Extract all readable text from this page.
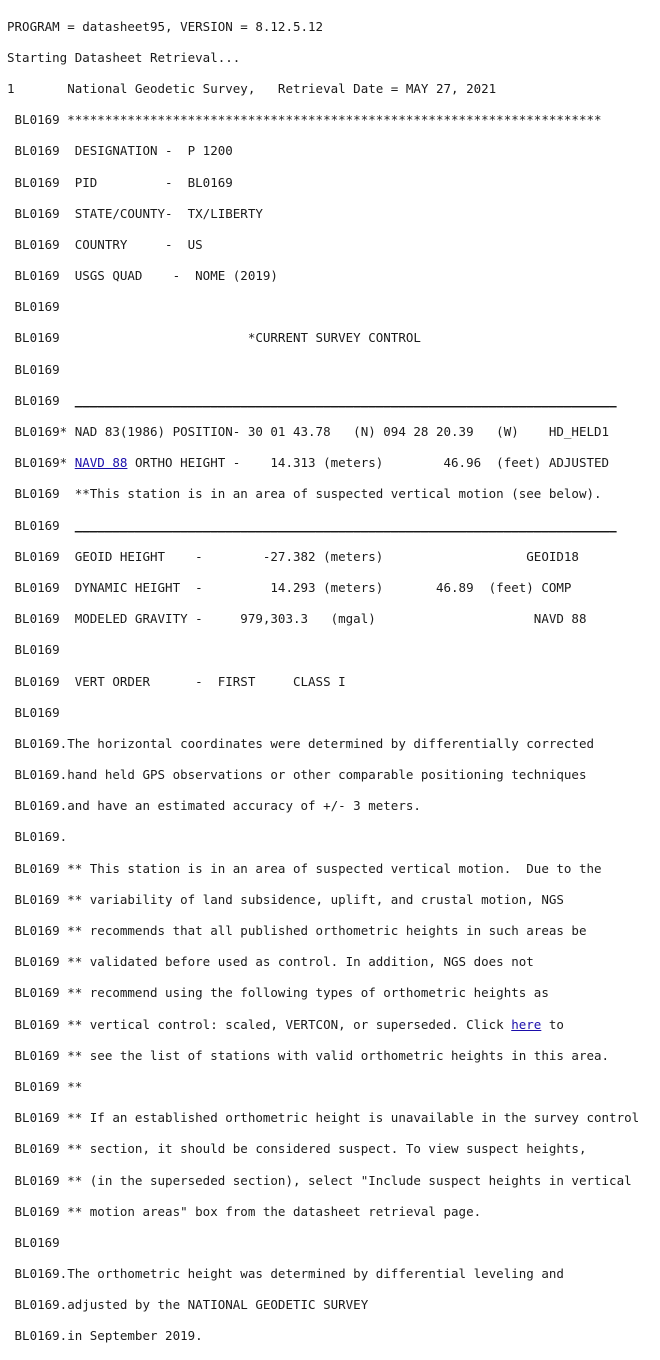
PROGRAM = datasheet95, VERSION = 8.12.5.12

Starting Datasheet Retrieval...

1       National Geodetic Survey,   Retrieval Date = MAY 27, 2021

BL0169 ***********************************************************************

BL0169  DESIGNATION -  P 1200

BL0169  PID         -  BL0169

BL0169  STATE/COUNTY-  TX/LIBERTY

BL0169  COUNTRY     -  US

BL0169  USGS QUAD    -  NOME (2019)

BL0169

BL0169                         *CURRENT SURVEY CONTROL

BL0169

BL0169 ________________________________________________________________________

BL0169* NAD 83(1986) POSITION- 30 01 43.78   (N) 094 28 20.39   (W)    HD_HELD1

BL0169* NAVD 88 ORTHO HEIGHT -    14.313 (meters)        46.96  (feet) ADJUSTED

BL0169  **This station is in an area of suspected vertical motion (see below).

BL0169 ________________________________________________________________________

BL0169  GEOID HEIGHT    -        -27.382 (meters)                   GEOID18

BL0169  DYNAMIC HEIGHT  -         14.293 (meters)       46.89  (feet) COMP

BL0169  MODELED GRAVITY -     979,303.3   (mgal)                     NAVD 88

BL0169

BL0169  VERT ORDER      -  FIRST     CLASS I

BL0169

BL0169.The horizontal coordinates were determined by differentially corrected

BL0169.hand held GPS observations or other comparable positioning techniques

BL0169.and have an estimated accuracy of +/- 3 meters.

BL0169.

BL0169 ** This station is in an area of suspected vertical motion.  Due to the

BL0169 ** variability of land subsidence, uplift, and crustal motion, NGS

BL0169 ** recommends that all published orthometric heights in such areas be

BL0169 ** validated before used as control. In addition, NGS does not

BL0169 ** recommend using the following types of orthometric heights as

BL0169 ** vertical control: scaled, VERTCON, or superseded. Click here to

BL0169 ** see the list of stations with valid orthometric heights in this area.

BL0169 **

BL0169 ** If an established orthometric height is unavailable in the survey control

BL0169 ** section, it should be considered suspect. To view suspect heights,

BL0169 ** (in the superseded section), select "Include suspect heights in vertical

BL0169 ** motion areas" box from the datasheet retrieval page.

BL0169

BL0169.The orthometric height was determined by differential leveling and

BL0169.adjusted by the NATIONAL GEODETIC SURVEY

BL0169.in September 2019.
